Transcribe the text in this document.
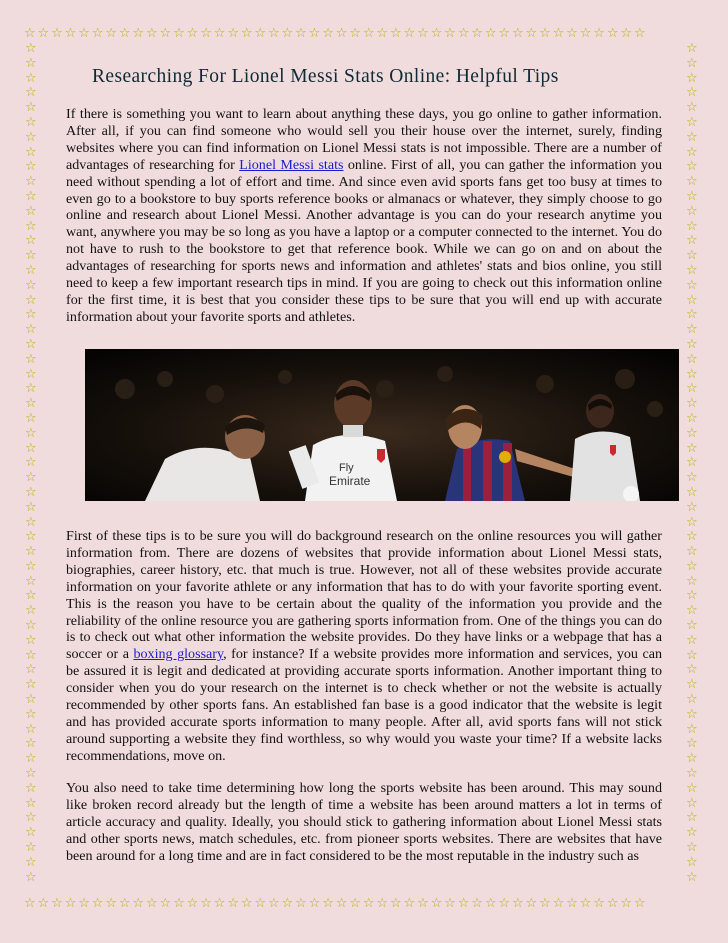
☆☆☆☆☆☆☆☆☆☆☆☆☆☆☆☆☆☆☆☆☆☆☆☆☆☆☆☆☆☆☆☆☆☆☆☆☆☆☆☆☆☆☆☆☆☆
☆☆☆☆☆☆☆☆☆☆☆☆☆☆☆☆☆☆☆☆☆☆☆☆☆☆☆☆☆☆☆☆☆☆☆☆☆☆☆☆☆☆☆☆☆☆
☆
☆
☆
☆
☆
☆
☆
☆
☆
☆
☆
☆
☆
☆
☆
☆
☆
☆
☆
☆
☆
☆
☆
☆
☆
☆
☆
☆
☆
☆
☆
☆
☆
☆
☆
☆
☆
☆
☆
☆
☆
☆
☆
☆
☆
☆
☆
☆
☆
☆
☆
☆
☆
☆
☆
☆
☆
☆
☆
☆
☆
☆
☆
☆
☆
☆
☆
☆
☆
☆
☆
☆
☆
☆
☆
☆
☆
☆
☆
☆
☆
☆
☆
☆
☆
☆
☆
☆
☆
☆
☆
☆
☆
☆
☆
☆
☆
☆
☆
☆
☆
☆
☆
☆
☆
☆
☆
☆
☆
☆
☆
☆
☆
☆
Researching For Lionel Messi Stats Online: Helpful Tips

If there is something you want to learn about anything these days, you go online to gather information. After all, if you can find someone who would sell you their house over the internet, surely, finding websites where you can find information on Lionel Messi stats is not impossible. There are a number of advantages of researching for Lionel Messi stats online. First of all, you can gather the information you need without spending a lot of effort and time. And since even avid sports fans get too busy at times to even go to a bookstore to buy sports reference books or almanacs or whatever, they simply choose to go online and research about Lionel Messi. Another advantage is you can do your research anytime you want, anywhere you may be so long as you have a laptop or a computer connected to the internet. You do not have to rush to the bookstore to get that reference book. While we can go on and on about the advantages of researching for sports news and information and athletes' stats and bios online, you still need to keep a few important research tips in mind. If you are going to check out this information online for the first time, it is best that you consider these tips to be sure that you will end up with accurate information about your favorite sports and athletes.

Fly
Emirate

First of these tips is to be sure you will do background research on the online resources you will gather information from. There are dozens of websites that provide information about Lionel Messi stats, biographies, career history, etc. that much is true. However, not all of these websites provide accurate information on your favorite athlete or any information that has to do with your favorite sporting event. This is the reason you have to be certain about the quality of the information you provide and the reliability of the online resource you are gathering sports information from. One of the things you can do is to check out what other information the website provides. Do they have links or a webpage that has a soccer or a boxing glossary, for instance? If a website provides more information and services, you can be assured it is legit and dedicated at providing accurate sports information. Another important thing to consider when you do your research on the internet is to check whether or not the website is actually recommended by other sports fans. An established fan base is a good indicator that the website is legit and has provided accurate sports information to many people. After all, avid sports fans will not stick around supporting a website they find worthless, so why would you waste your time? If a website lacks recommendations, move on.

You also need to take time determining how long the sports website has been around. This may sound like broken record already but the length of time a website has been around matters a lot in terms of article accuracy and quality. Ideally, you should stick to gathering information about Lionel Messi stats and other sports news, match schedules, etc. from pioneer sports websites. There are websites that have been around for a long time and are in fact considered to be the most reputable in the industry such as
